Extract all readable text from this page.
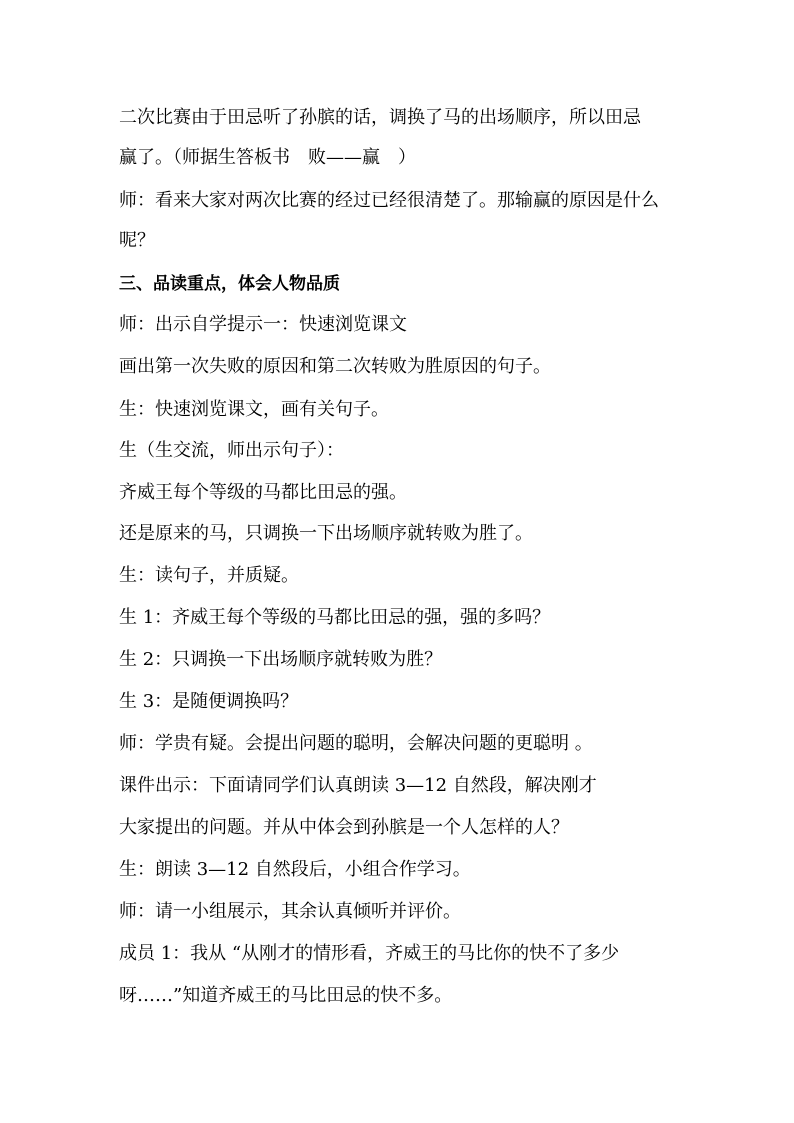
二次比赛由于田忌听了孙膑的话，调换了马的出场顺序，所以田忌
赢了。（师据生答板书　败——赢　）
师：看来大家对两次比赛的经过已经很清楚了。那输赢的原因是什么
呢？
三、品读重点，体会人物品质
师：出示自学提示一：快速浏览课文
画出第一次失败的原因和第二次转败为胜原因的句子。
生：快速浏览课文，画有关句子。
生（生交流，师出示句子）：
齐威王每个等级的马都比田忌的强。
还是原来的马，只调换一下出场顺序就转败为胜了。
生：读句子，并质疑。
生 1：齐威王每个等级的马都比田忌的强，强的多吗？
生 2：只调换一下出场顺序就转败为胜？
生 3：是随便调换吗？
师：学贵有疑。会提出问题的聪明，会解决问题的更聪明 。
课件出示：下面请同学们认真朗读 3—12 自然段，解决刚才
大家提出的问题。并从中体会到孙膑是一个人怎样的人？
生：朗读 3—12 自然段后，小组合作学习。
师：请一小组展示，其余认真倾听并评价。
成员 1：我从 “从刚才的情形看，齐威王的马比你的快不了多少
呀……”知道齐威王的马比田忌的快不多。
